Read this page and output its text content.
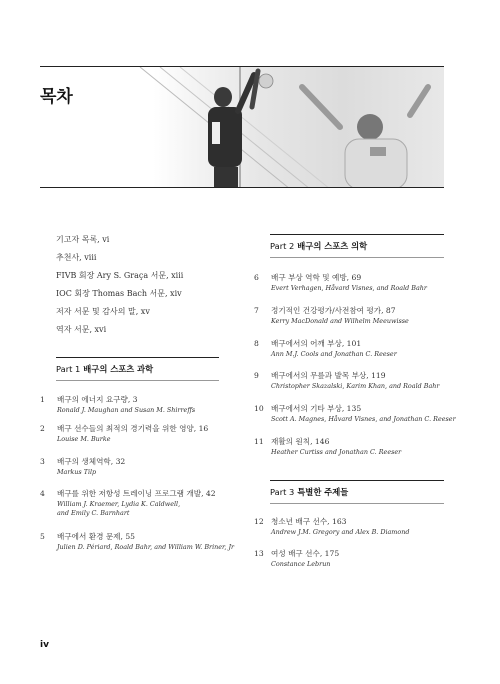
목차
기고자 목록, vi
추천사, viii
FIVB 회장 Ary S. Graça 서문, xiii
IOC 회장 Thomas Bach 서문, xiv
저자 서문 및 감사의 말, xv
역자 서문, xvi
Part 1 배구의 스포츠 과학
1 배구의 에너지 요구량, 3
Ronald J. Maughan and Susan M. Shirreffs
2 배구 선수들의 최적의 경기력을 위한 영양, 16
Louise M. Burke
3 배구의 생체역학, 32
Markus Tilp
4 배구를 위한 저항성 트레이닝 프로그램 개발, 42
William J. Kraemer, Lydia K. Caldwell,
and Emily C. Barnhart
5 배구에서 환경 문제, 55
Julien D. Périard, Roald Bahr, and William W. Briner, Jr
Part 2 배구의 스포츠 의학
6 배구 부상 역학 및 예방, 69
Evert Verhagen, Håvard Visnes, and Roald Bahr
7 정기적인 건강평가/사전참여 평가, 87
Kerry MacDonald and Wilhelm Meeuwisse
8 배구에서의 어깨 부상, 101
Ann M.J. Cools and Jonathan C. Reeser
9 배구에서의 무릎과 발목 부상, 119
Christopher Skazalski, Karim Khan, and Roald Bahr
10 배구에서의 기타 부상, 135
Scott A. Magnes, Håvard Visnes, and Jonathan C. Reeser
11 재활의 원칙, 146
Heather Curtiss and Jonathan C. Reeser
Part 3 특별한 주제들
12 청소년 배구 선수, 163
Andrew J.M. Gregory and Alex B. Diamond
13 여성 배구 선수, 175
Constance Lebrun
iv
